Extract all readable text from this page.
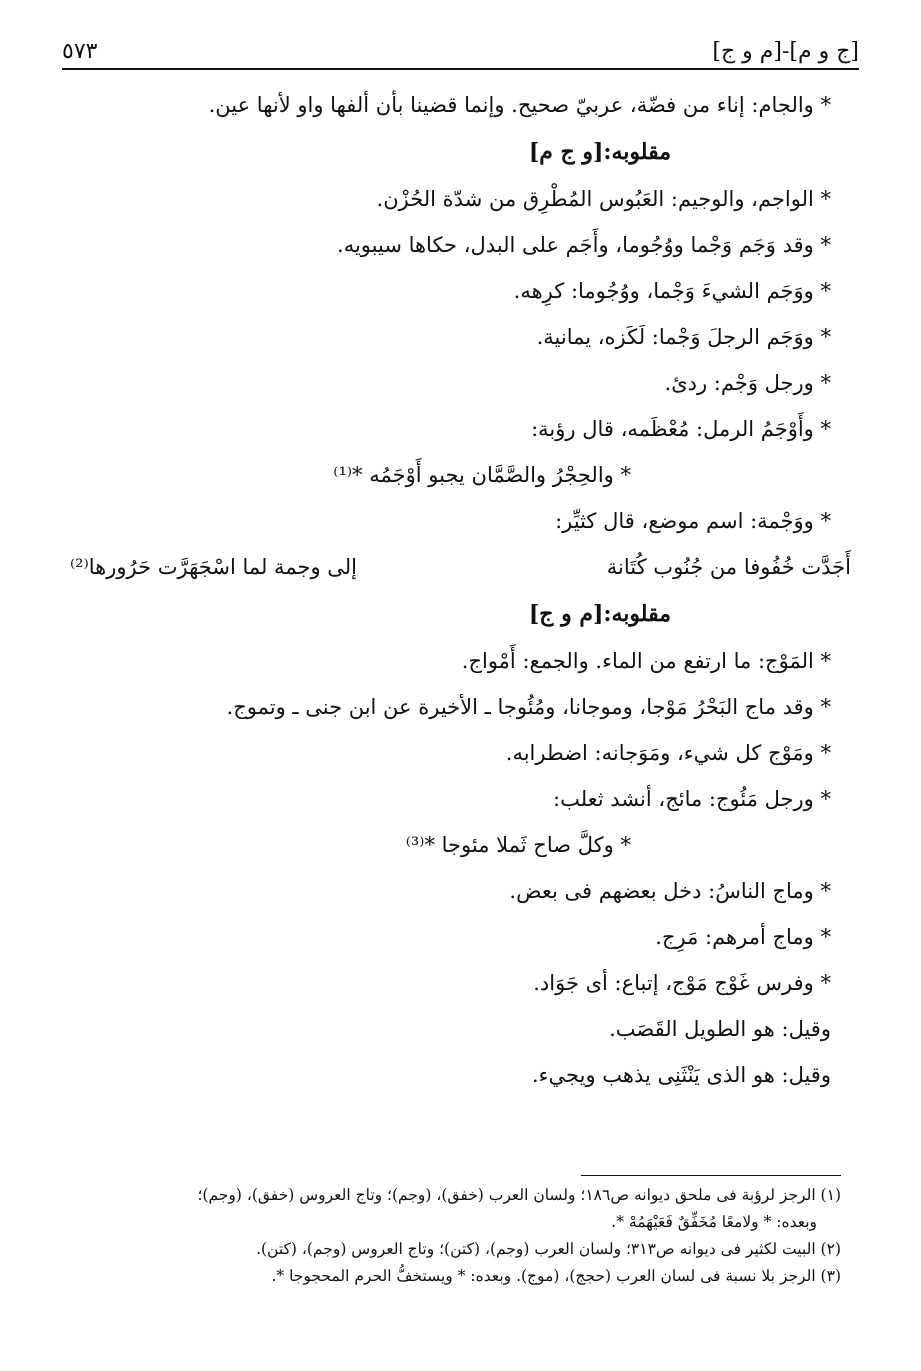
[ج و م]-[م و ج]
٥٧٣
* والجام: إناء من فضّة، عربيّ صحيح. وإنما قضينا بأن ألفها واو لأنها عين.
مقلوبه:[و ج م]
* الواجم، والوجيم: العَبُوس المُطْرِق من شدّة الحُزْن.
* وقد وَجَم وَجْما ووُجُوما، وأَجَم على البدل، حكاها سيبويه.
* ووَجَم الشيءَ وَجْما، ووُجُوما: كرِهه.
* ووَجَم الرجلَ وَجْما: لَكَزه، يمانية.
* ورجل وَجْم: ردئ.
* وأَوْجَمُ الرمل: مُعْظَمه، قال رؤبة:
* والحِجْرُ والصَّمَّان يجبو أَوْجَمُه *⁽¹⁾
* ووَجْمة: اسم موضع، قال كثيِّر:
أَجَدَّت خُفُوفا من جُنُوب كُتَانة
إلى وجمة لما اسْجَهَرَّت حَرُورها⁽²⁾
مقلوبه:[م و ج]
* المَوْج: ما ارتفع من الماء. والجمع: أَمْواج.
* وقد ماج البَحْرُ مَوْجا، وموجانا، ومُئُوجا ـ الأخيرة عن ابن جنى ـ وتموج.
* ومَوْج كل شيء، ومَوَجانه: اضطرابه.
* ورجل مَئُوج: مائج، أنشد ثعلب:
* وكلَّ صاح ثَملا مئوجا *⁽³⁾
* وماج الناسُ: دخل بعضهم فى بعض.
* وماج أمرهم: مَرِج.
* وفرس غَوْج مَوْج، إتباع: أى جَوَاد.
وقيل: هو الطويل القَصَب.
وقيل: هو الذى يَنْثَنِى يذهب ويجيء.
(١) الرجز لرؤبة فى ملحق ديوانه ص١٨٦؛ ولسان العرب (خفق)، (وجم)؛ وتاج العروس (خفق)، (وجم)؛
وبعده: * ولامعًا مُخَفِّقٌ فَعَيْهَمُهْ *.
(٢) البيت لكثير فى ديوانه ص٣١٣؛ ولسان العرب (وجم)، (كتن)؛ وتاج العروس (وجم)، (كتن).
(٣) الرجز بلا نسبة فى لسان العرب (حجج)، (موج). وبعده: * ويستخفُّ الحرم المحجوجا *.
